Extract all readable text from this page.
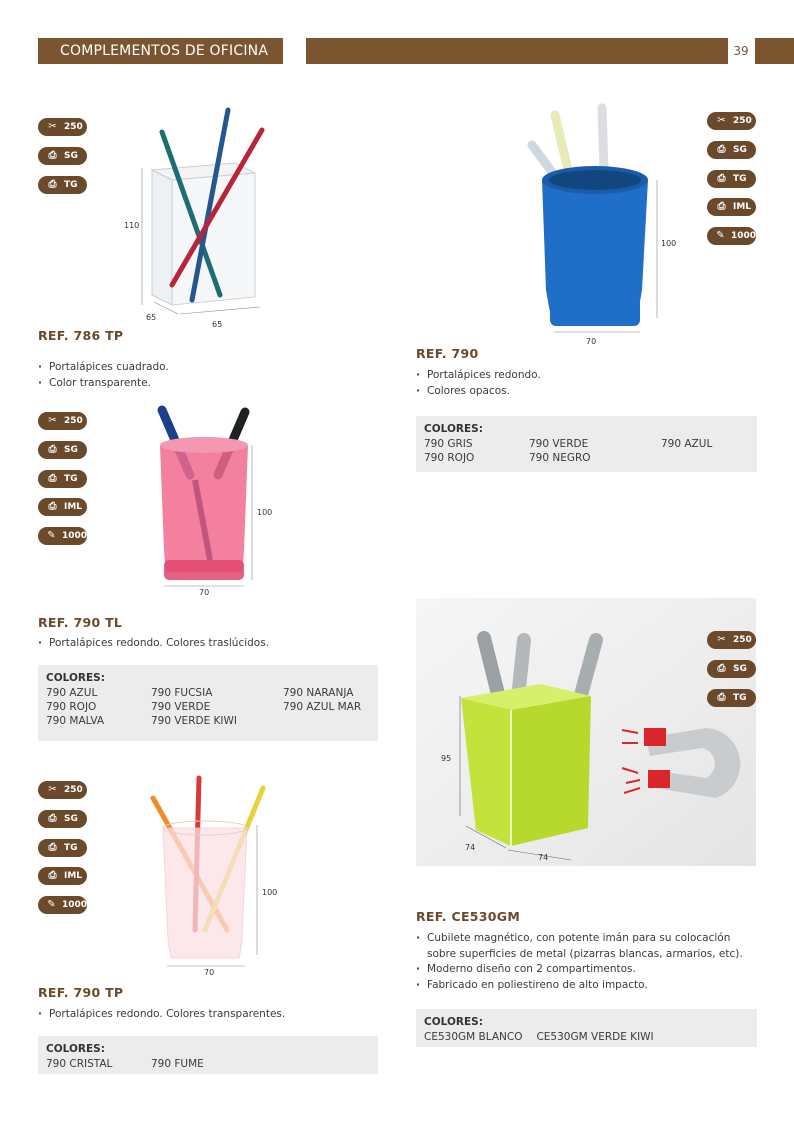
COMPLEMENTOS DE OFICINA	39
✂ 250
⎙ SG
⎙ TG
110
65
65
REF. 786 TP
· Portalápices cuadrado.
· Color transparente.
100
70
✂ 250
⎙ SG
⎙ TG
⎙ IML
✎ 1000
REF. 790
· Portalápices redondo.
· Colores opacos.
COLORES:
790 GRIS	790 VERDE	790 AZUL
790 ROJO	790 NEGRO
✂ 250
⎙ SG
⎙ TG
⎙ IML
✎ 1000
100
70
REF. 790 TL
· Portalápices redondo. Colores traslúcidos.
COLORES:
790 AZUL	790 FUCSIA	790 NARANJA
790 ROJO	790 VERDE	790 AZUL MAR
790 MALVA	790 VERDE KIWI
✂ 250
⎙ SG
⎙ TG
⎙ IML
✎ 1000
100
70
REF. 790 TP
· Portalápices redondo. Colores transparentes.
COLORES:
790 CRISTAL	790 FUME
95
74
74
✂ 250
⎙ SG
⎙ TG
REF. CE530GM
· Cubilete magnético, con potente imán para su colocación sobre superficies de metal (pizarras blancas, armarios, etc).
· Moderno diseño con 2 compartimentos.
· Fabricado en poliestireno de alto impacto.
COLORES:
CE530GM BLANCO CE530GM VERDE KIWI
